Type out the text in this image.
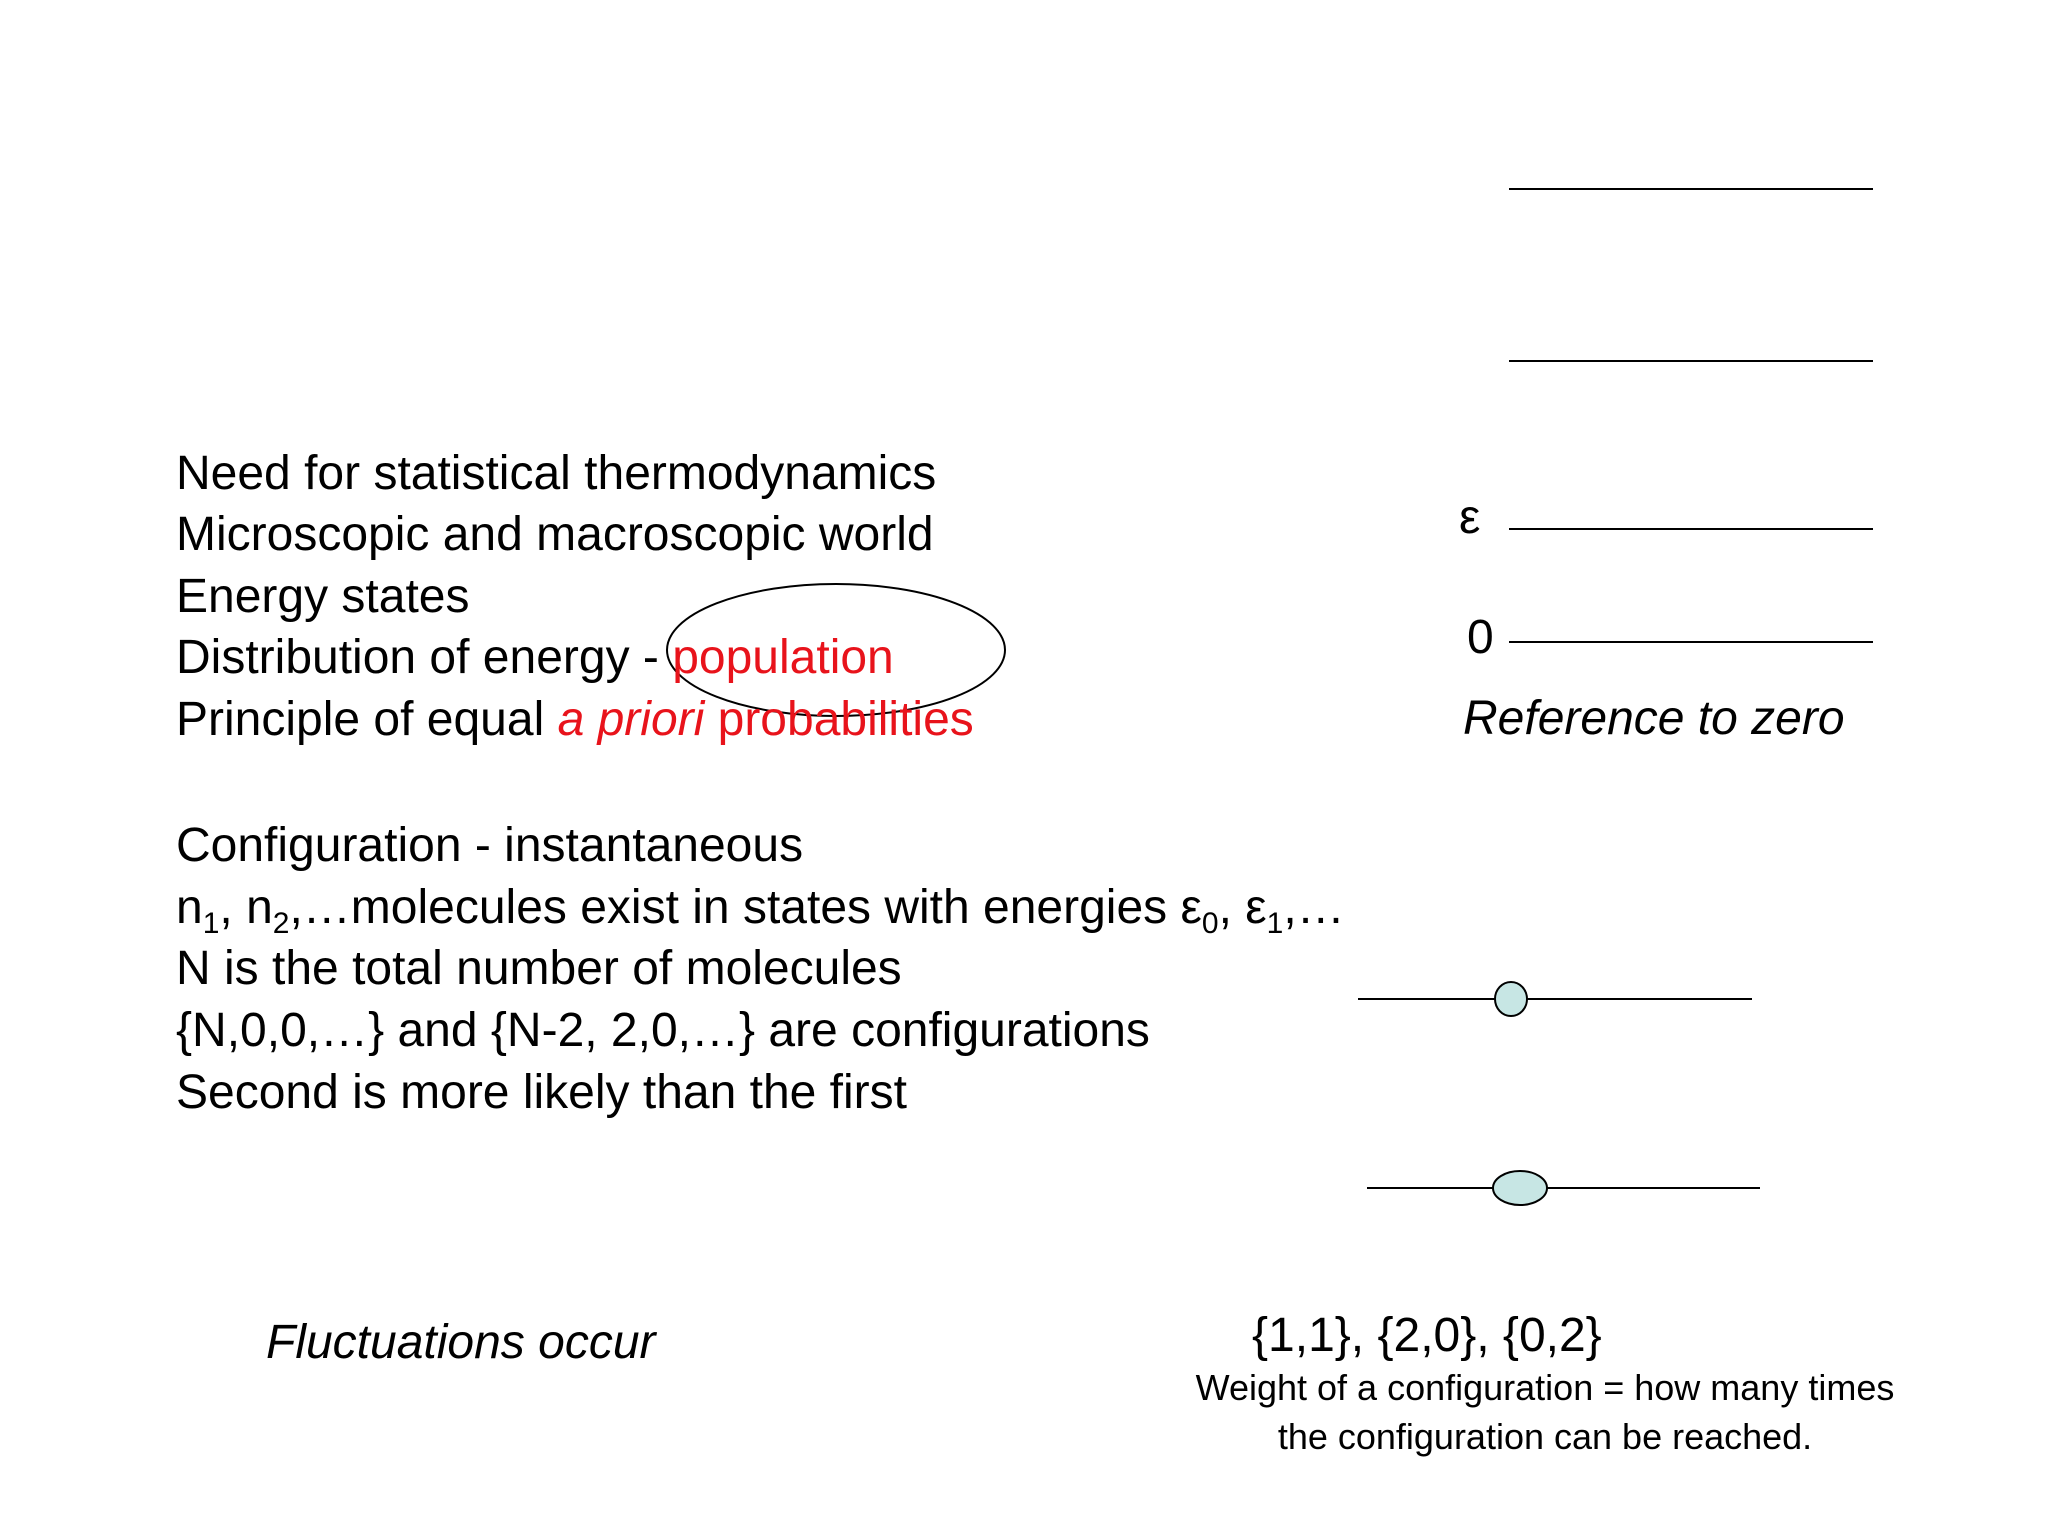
Need for statistical thermodynamics
Microscopic and macroscopic world
Energy states
Distribution of energy - population
Principle of equal a priori probabilities
Configuration - instantaneous
$n_1$, $n_2,\dots molecules$ exist in states with energies $\varepsilon_0$, $\varepsilon_1,\dots$
N is the total number of molecules
{N,0,0,…} and {N-2, 2,0,…} are configurations
Second is more likely than the first
Fluctuations occur
ε
0
Reference to zero
{1,1}, {2,0}, {0,2}
Weight of a configuration = how many times
the configuration can be reached.
